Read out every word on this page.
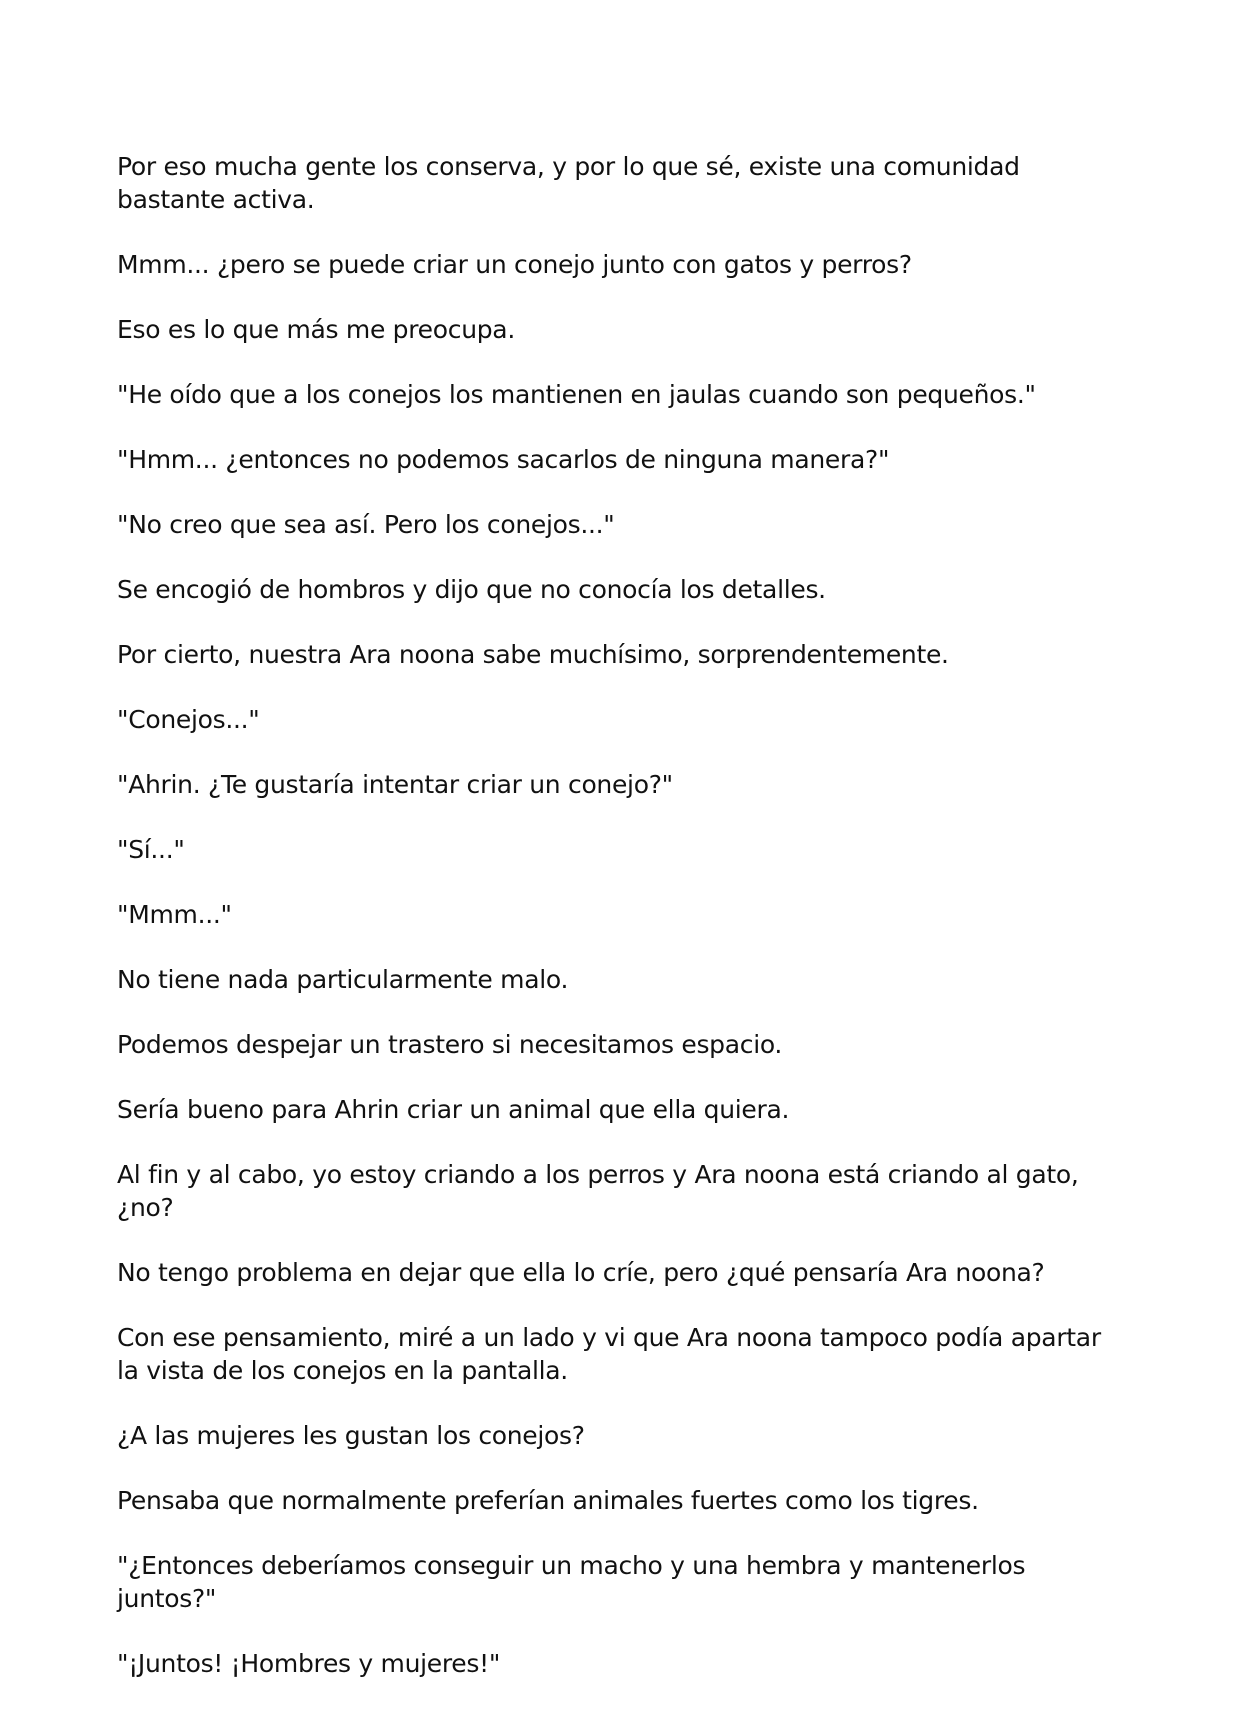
Por eso mucha gente los conserva, y por lo que sé, existe una comunidad bastante activa.

Mmm... ¿pero se puede criar un conejo junto con gatos y perros?

Eso es lo que más me preocupa.

"He oído que a los conejos los mantienen en jaulas cuando son pequeños."

"Hmm... ¿entonces no podemos sacarlos de ninguna manera?"

"No creo que sea así. Pero los conejos..."

Se encogió de hombros y dijo que no conocía los detalles.

Por cierto, nuestra Ara noona sabe muchísimo, sorprendentemente.

"Conejos..."

"Ahrin. ¿Te gustaría intentar criar un conejo?"

"Sí..."

"Mmm..."

No tiene nada particularmente malo.

Podemos despejar un trastero si necesitamos espacio.

Sería bueno para Ahrin criar un animal que ella quiera.

Al fin y al cabo, yo estoy criando a los perros y Ara noona está criando al gato, ¿no?

No tengo problema en dejar que ella lo críe, pero ¿qué pensaría Ara noona?

Con ese pensamiento, miré a un lado y vi que Ara noona tampoco podía apartar la vista de los conejos en la pantalla.

¿A las mujeres les gustan los conejos?

Pensaba que normalmente preferían animales fuertes como los tigres.

"¿Entonces deberíamos conseguir un macho y una hembra y mantenerlos juntos?"

"¡Juntos! ¡Hombres y mujeres!"
